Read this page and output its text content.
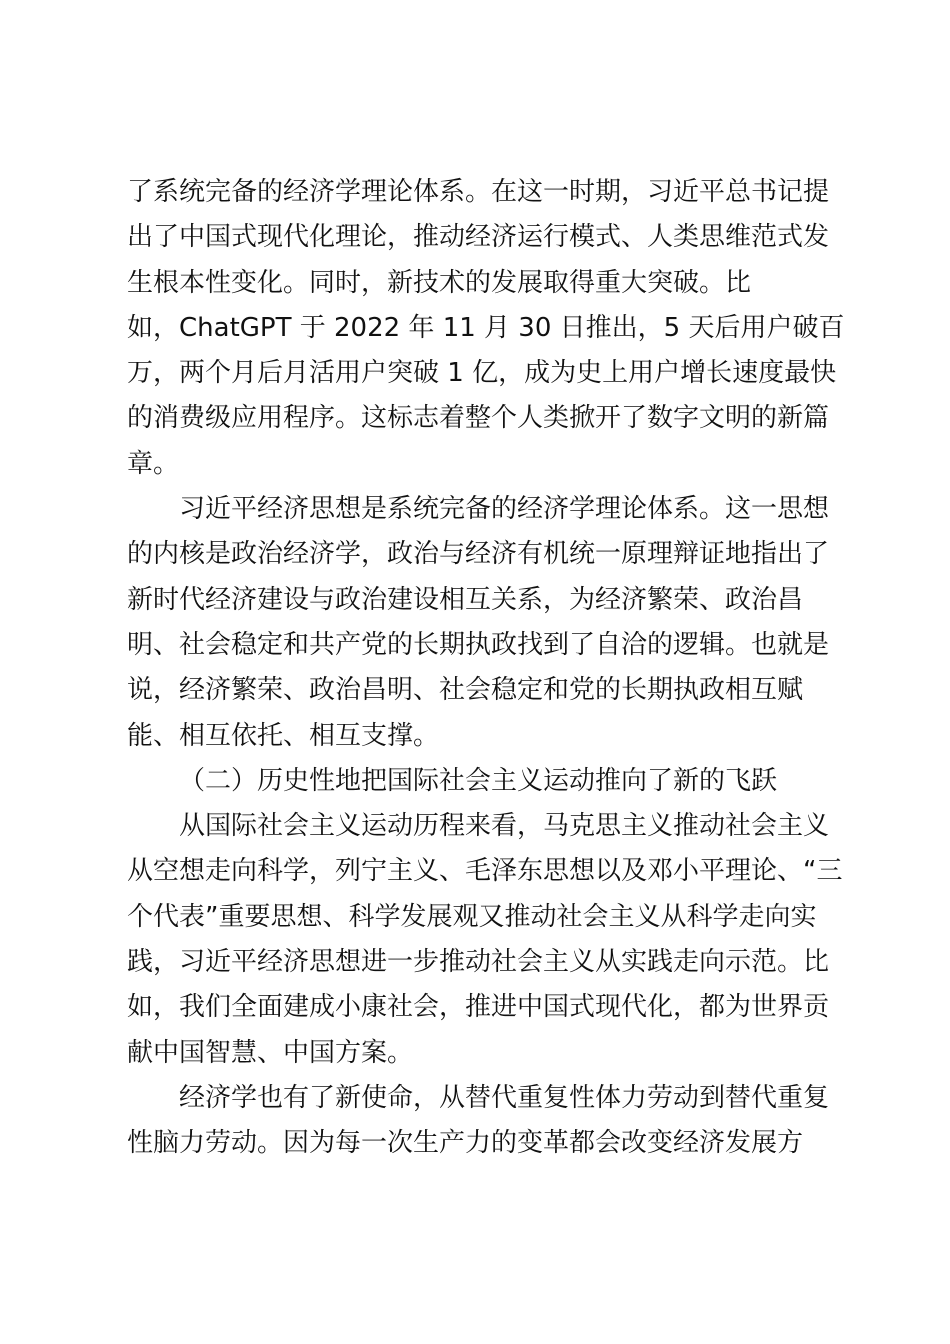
了系统完备的经济学理论体系。在这一时期，习近平总书记提
出了中国式现代化理论，推动经济运行模式、人类思维范式发
生根本性变化。同时，新技术的发展取得重大突破。比
如，ChatGPT 于 2022 年 11 月 30 日推出，5 天后用户破百
万，两个月后月活用户突破 1 亿，成为史上用户增长速度最快
的消费级应用程序。这标志着整个人类掀开了数字文明的新篇
章。
习近平经济思想是系统完备的经济学理论体系。这一思想
的内核是政治经济学，政治与经济有机统一原理辩证地指出了
新时代经济建设与政治建设相互关系，为经济繁荣、政治昌
明、社会稳定和共产党的长期执政找到了自洽的逻辑。也就是
说，经济繁荣、政治昌明、社会稳定和党的长期执政相互赋
能、相互依托、相互支撑。
（二）历史性地把国际社会主义运动推向了新的飞跃
从国际社会主义运动历程来看，马克思主义推动社会主义
从空想走向科学，列宁主义、毛泽东思想以及邓小平理论、“三
个代表”重要思想、科学发展观又推动社会主义从科学走向实
践，习近平经济思想进一步推动社会主义从实践走向示范。比
如，我们全面建成小康社会，推进中国式现代化，都为世界贡
献中国智慧、中国方案。
经济学也有了新使命，从替代重复性体力劳动到替代重复
性脑力劳动。因为每一次生产力的变革都会改变经济发展方
